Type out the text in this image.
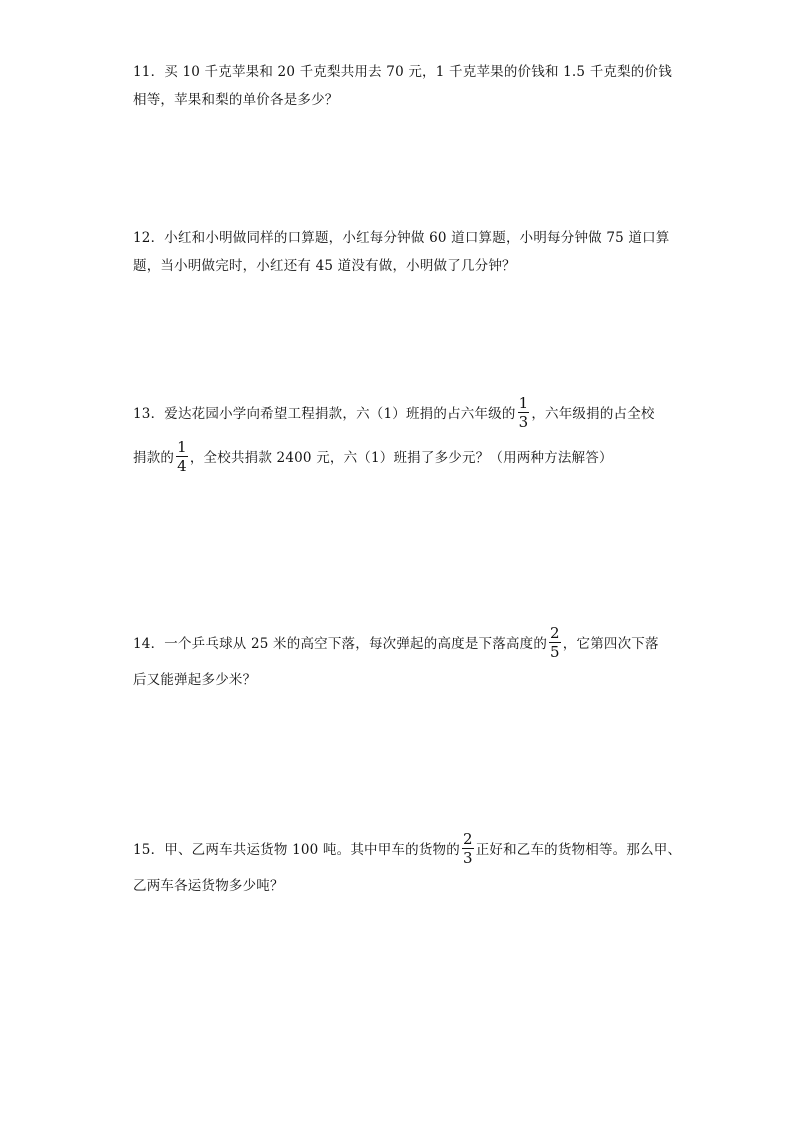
11．买 10 千克苹果和 20 千克梨共用去 70 元，1 千克苹果的价钱和 1.5 千克梨的价钱

相等，苹果和梨的单价各是多少？

12．小红和小明做同样的口算题，小红每分钟做 60 道口算题，小明每分钟做 75 道口算

题，当小明做完时，小红还有 45 道没有做，小明做了几分钟？

13．爱达花园小学向希望工程捐款，六（1）班捐的占六年级的 $\frac{1}{3}$ ，六年级捐的占全校

捐款的 $\frac{1}{4}$ ，全校共捐款 2400 元，六（1）班捐了多少元？（用两种方法解答）

14．一个乒乓球从 25 米的高空下落，每次弹起的高度是下落高度的 $\frac{2}{5}$ ，它第四次下落

后又能弹起多少米？

15．甲、乙两车共运货物 100 吨。其中甲车的货物的 $\frac{2}{3}$ 正好和乙车的货物相等。那么甲、

乙两车各运货物多少吨？
